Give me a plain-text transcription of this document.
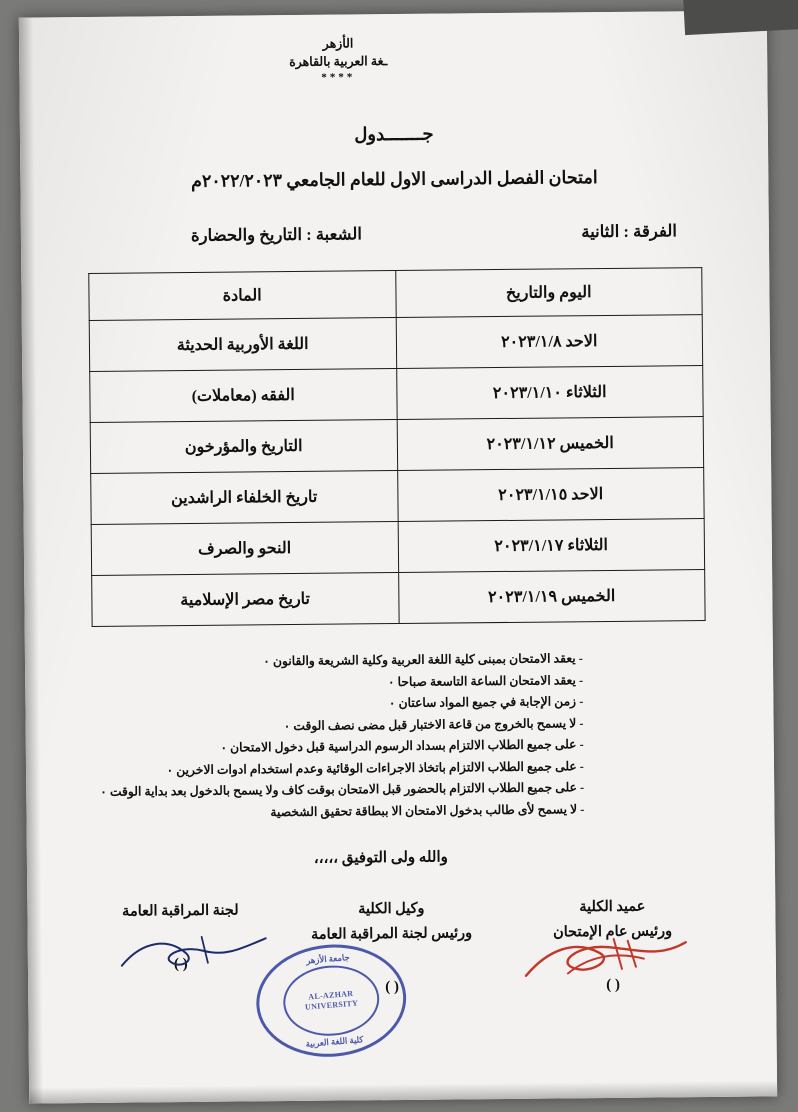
الأزهر
ـغة العربية بالقاهرة
****
جـــــــدول
امتحان الفصل الدراسى الاول للعام الجامعي ٢٠٢٢/٢٠٢٣م
الفرقة : الثانية
الشعبة : التاريخ والحضارة
اليوم والتاريخ	المادة
الاحد ٢٠٢٣/١/٨	اللغة الأوربية الحديثة
الثلاثاء ٢٠٢٣/١/١٠	الفقه (معاملات)
الخميس ٢٠٢٣/١/١٢	التاريخ والمؤرخون
الاحد ٢٠٢٣/١/١٥	تاريخ الخلفاء الراشدين
الثلاثاء ٢٠٢٣/١/١٧	النحو والصرف
الخميس ٢٠٢٣/١/١٩	تاريخ مصر الإسلامية
- يعقد الامتحان بمبنى كلية اللغة العربية وكلية الشريعة والقانون ٠
- يعقد الامتحان الساعة التاسعة صباحا ٠
- زمن الإجابة في جميع المواد ساعتان ٠
- لا يسمح بالخروج من قاعة الاختبار قبل مضى نصف الوقت ٠
- على جميع الطلاب الالتزام بسداد الرسوم الدراسية قبل دخول الامتحان ٠
- على جميع الطلاب الالتزام باتخاذ الاجراءات الوقائية وعدم استخدام ادوات الاخرين ٠
- على جميع الطلاب الالتزام بالحضور قبل الامتحان بوقت كاف ولا يسمح بالدخول بعد بداية الوقت ٠
- لا يسمح لأى طالب بدخول الامتحان الا ببطاقة تحقيق الشخصية
والله ولى التوفيق ،،،،،
عميد الكلية
ورئيس عام الإمتحان
( )
وكيل الكلية
ورئيس لجنة المراقبة العامة
( )
لجنة المراقبة العامة
( )	جامعة الأزهر
AL-AZHAR UNIVERSITY
كلية اللغة العربية
